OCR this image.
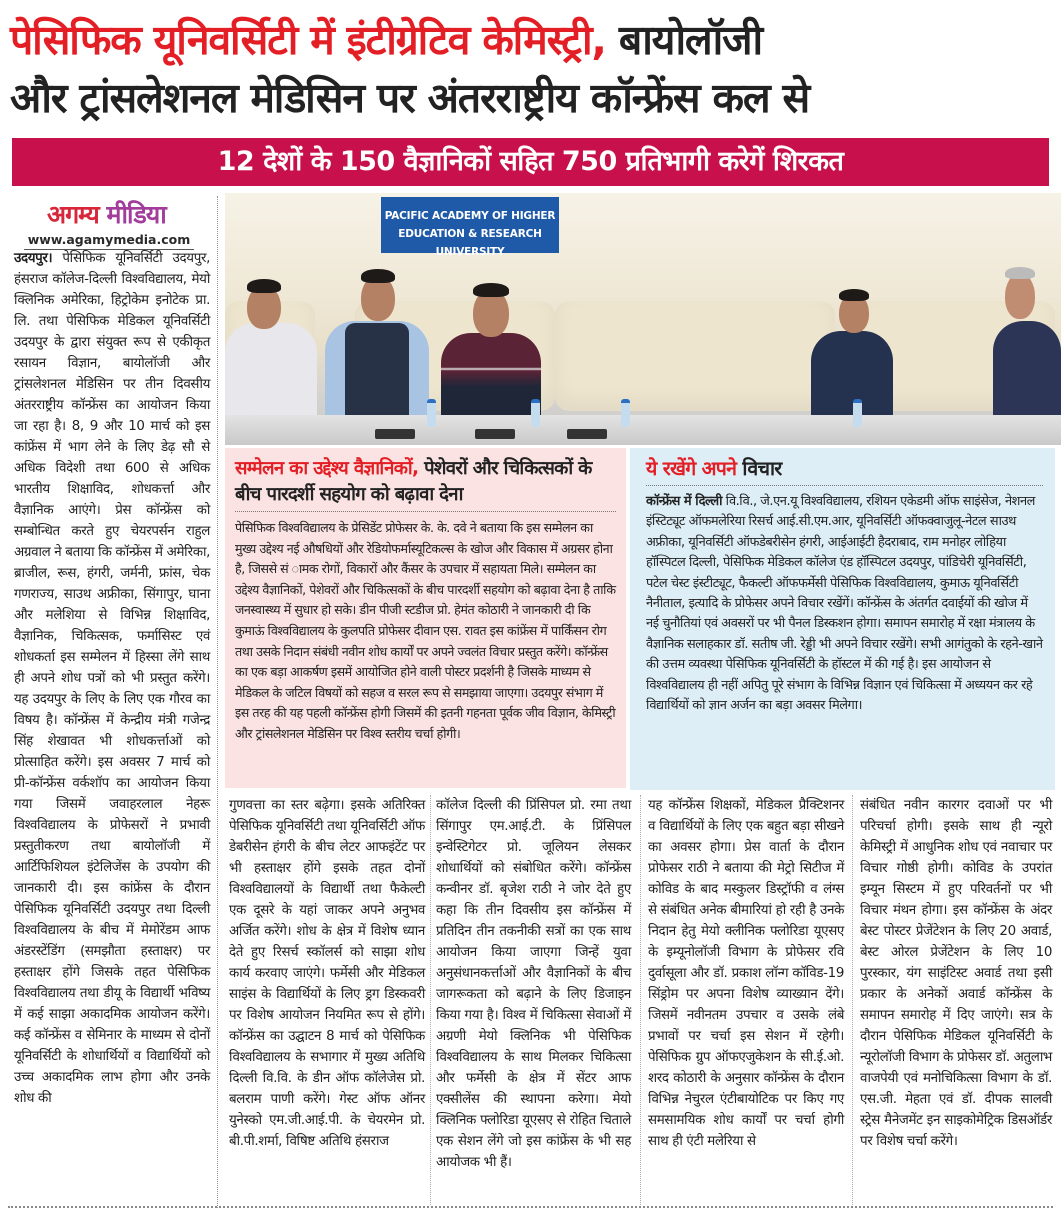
पेसिफिक यूनिवर्सिटी में इंटीग्रेटिव केमिस्ट्री, बायोलॉजी
और ट्रांसलेशनल मेडिसिन पर अंतरराष्ट्रीय कॉन्फ्रेंस कल से
12 देशों के 150 वैज्ञानिकों सहित 750 प्रतिभागी करेगें शिरकत
अगम्य मीडिया
www.agamymedia.com
उदयपुर। पेसिफिक यूनिवर्सिटी उदयपुर, हंसराज कॉलेज-दिल्ली विश्वविद्यालय, मेयो क्लिनिक अमेरिका, हिट्रोकेम इनोटेक प्रा. लि. तथा पेसिफिक मेडिकल यूनिवर्सिटी उदयपुर के द्वारा संयुक्त रूप से एकीकृत रसायन विज्ञान, बायोलॉजी और ट्रांसलेशनल मेडिसिन पर तीन दिवसीय अंतरराष्ट्रीय कॉन्फ्रेंस का आयोजन किया जा रहा है। 8, 9 और 10 मार्च को इस कांफ्रेंस में भाग लेने के लिए डेढ़ सौ से अधिक विदेशी तथा 600 से अधिक भारतीय शिक्षाविद, शोधकर्त्ता और वैज्ञानिक आएंगे। प्रेस कॉन्फ्रेंस को सम्बोन्धित करते हुए चेयरपर्सन राहुल अग्रवाल ने बताया कि कॉन्फ्रेंस में अमेरिका, ब्राजील, रूस, हंगरी, जर्मनी, फ्रांस, चेक गणराज्य, साउथ अफ्रीका, सिंगापुर, घाना और मलेशिया से विभिन्न शिक्षाविद, वैज्ञानिक, चिकित्सक, फर्मासिस्ट एवं शोधकर्ता इस सम्मेलन में हिस्सा लेंगे साथ ही अपने शोध पत्रों को भी प्रस्तुत करेंगे। यह उदयपुर के लिए के लिए एक गौरव का विषय है। कॉन्फ्रेंस में केन्द्रीय मंत्री गजेन्द्र सिंह शेखावत भी शोधकर्त्ताओं को प्रोत्साहित करेंगे। इस अवसर 7 मार्च को प्री-कॉन्फ्रेंस वर्कशॉप का आयोजन किया गया जिसमें जवाहरलाल नेहरू विश्वविद्यालय के प्रोफेसरों ने प्रभावी प्रस्तुतीकरण तथा बायोलॉजी में आर्टिफिशियल इंटेलिजेंस के उपयोग की जानकारी दी। इस कांफ्रेंस के दौरान पेसिफिक यूनिवर्सिटी उदयपुर तथा दिल्ली विश्वविद्यालय के बीच में मेमोरेंडम आफ अंडरस्टेंडिंग (समझौता हस्ताक्षर) पर हस्ताक्षर होंगे जिसके तहत पेसिफिक विश्वविद्यालय तथा डीयू के विद्यार्थी भविष्य में कई साझा अकादमिक आयोजन करेंगे। कई कॉन्फ्रेंस व सेमिनार के माध्यम से दोनों यूनिवर्सिटी के शोधार्थियों व विद्यार्थियों को उच्च अकादमिक लाभ होगा और उनके शोध की
PACIFIC ACADEMY OF HIGHER
EDUCATION & RESEARCH UNIVERSITY
सम्मेलन का उद्देश्य वैज्ञानिकों, पेशेवरों और चिकित्सकों के बीच पारदर्शी सहयोग को बढ़ावा देना
पेसिफिक विश्वविद्यालय के प्रेसिडेंट प्रोफेसर के. के. दवे ने बताया कि इस सम्मेलन का मुख्य उद्देश्य नई औषधियों और रेडियोफर्मास्यूटिकल्स के खोज और विकास में अग्रसर होना है, जिससे सं ामक रोगों, विकारों और कैंसर के उपचार में सहायता मिले। सम्मेलन का उद्देश्य वैज्ञानिकों, पेशेवरों और चिकित्सकों के बीच पारदर्शी सहयोग को बढ़ावा देना है ताकि जनस्वास्थ्य में सुधार हो सके। डीन पीजी स्टडीज प्रो. हेमंत कोठारी ने जानकारी दी कि कुमाऊं विश्वविद्यालय के कुलपति प्रोफेसर दीवान एस. रावत इस कांफ्रेंस में पार्किंसन रोग तथा उसके निदान संबंधी नवीन शोध कार्यों पर अपने ज्वलंत विचार प्रस्तुत करेंगे। कॉन्फ्रेंस का एक बड़ा आकर्षण इसमें आयोजित होने वाली पोस्टर प्रदर्शनी है जिसके माध्यम से मेडिकल के जटिल विषयों को सहज व सरल रूप से समझाया जाएगा। उदयपुर संभाग में इस तरह की यह पहली कॉन्फ्रेंस होगी जिसमें की इतनी गहनता पूर्वक जीव विज्ञान, केमिस्ट्री और ट्रांसलेशनल मेडिसिन पर विश्व स्तरीय चर्चा होगी।
ये रखेंगे अपने विचार
कॉन्फ्रेंस में दिल्ली वि.वि., जे.एन.यू विश्वविद्यालय, रशियन एकेडमी ऑफ साइंसेज, नेशनल इंस्टिट्यूट ऑफमलेरिया रिसर्च आई.सी.एम.आर, यूनिवर्सिटी ऑफक्वाजुलू-नेटल साउथ अफ्रीका, यूनिवर्सिटी ऑफडेबरीसेन हंगरी, आईआईटी हैदराबाद, राम मनोहर लोहिया हॉस्पिटल दिल्ली, पेसिफिक मेडिकल कॉलेज एंड हॉस्पिटल उदयपुर, पांडिचेरी यूनिवर्सिटी, पटेल चेस्ट इंस्टीट्यूट, फैकल्टी ऑफफर्मेसी पेसिफिक विश्वविद्यालय, कुमाऊ यूनिवर्सिटी नैनीताल, इत्यादि के प्रोफेसर अपने विचार रखेंगें। कॉन्फ्रेंस के अंतर्गत दवाईयों की खोज में नई चुनौतियां एवं अवसरों पर भी पैनल डिस्कशन होगा। समापन समारोह में रक्षा मंत्रालय के वैज्ञानिक सलाहकार डॉ. सतीष जी. रेड्डी भी अपने विचार रखेंगे। सभी आगंतुको के रहने-खाने की उत्तम व्यवस्था पेसिफिक यूनिवर्सिटी के हॉस्टल में की गई है। इस आयोजन से विश्वविद्यालय ही नहीं अपितु पूरे संभाग के विभिन्न विज्ञान एवं चिकित्सा में अध्ययन कर रहे विद्यार्थियों को ज्ञान अर्जन का बड़ा अवसर मिलेगा।
गुणवत्ता का स्तर बढ़ेगा। इसके अतिरिक्त पेसिफिक यूनिवर्सिटी तथा यूनिवर्सिटी ऑफ डेबरीसेन हंगरी के बीच लेटर आफइंटेंट पर भी हस्ताक्षर होंगे इसके तहत दोनों विश्वविद्यालयों के विद्यार्थी तथा फैकेल्टी एक दूसरे के यहां जाकर अपने अनुभव अर्जित करेंगे। शोध के क्षेत्र में विशेष ध्यान देते हुए रिसर्च स्कॉलर्स को साझा शोध कार्य करवाए जाएंगे। फर्मेसी और मेडिकल साइंस के विद्यार्थियों के लिए ड्रग डिस्कवरी पर विशेष आयोजन नियमित रूप से होंगे। कॉन्फ्रेंस का उद्घाटन 8 मार्च को पेसिफिक विश्वविद्यालय के सभागार में मुख्य अतिथि दिल्ली वि.वि. के डीन ऑफ कॉलेजेस प्रो. बलराम पाणी करेंगे। गेस्ट ऑफ ऑनर युनेस्को एम.जी.आई.पी. के चेयरमेन प्रो. बी.पी.शर्मा, विषिष्ट अतिथि हंसराज
कॉलेज दिल्ली की प्रिंसिपल प्रो. रमा तथा सिंगापुर एम.आई.टी. के प्रिंसिपल इन्वेस्टिगेटर प्रो. जूलियन लेसकर शोधार्थियों को संबोधित करेंगे। कॉन्फ्रेंस कन्वीनर डॉ. बृजेश राठी ने जोर देते हुए कहा कि तीन दिवसीय इस कॉन्फ्रेंस में प्रतिदिन तीन तकनीकी सत्रों का एक साथ आयोजन किया जाएगा जिन्हें युवा अनुसंधानकर्त्ताओं और वैज्ञानिकों के बीच जागरूकता को बढ़ाने के लिए डिजाइन किया गया है। विश्व में चिकित्सा सेवाओं में अग्रणी मेयो क्लिनिक भी पेसिफिक विश्वविद्यालय के साथ मिलकर चिकित्सा और फर्मेसी के क्षेत्र में सेंटर आफ एक्सीलेंस की स्थापना करेगा। मेयो क्लिनिक फ्लोरिडा यूएसए से रोहित चिताले एक सेशन लेंगे जो इस कांफ्रेंस के भी सह आयोजक भी हैं।
यह कॉन्फ्रेंस शिक्षकों, मेडिकल प्रैक्टिशनर व विद्यार्थियों के लिए एक बहुत बड़ा सीखने का अवसर होगा। प्रेस वार्ता के दौरान प्रोफेसर राठी ने बताया की मेट्रो सिटीज में कोविड के बाद मस्कुलर डिस्ट्रॉफी व लंग्स से संबंधित अनेक बीमारियां हो रही है उनके निदान हेतु मेयो क्लीनिक फ्लोरिडा यूएसए के इम्यूनोलॉजी विभाग के प्रोफेसर रवि दुर्वासूला और डॉ. प्रकाश लॉन्ग कॉविड-19 सिंड्रोम पर अपना विशेष व्याख्यान देंगे। जिसमें नवीनतम उपचार व उसके लंबे प्रभावों पर चर्चा इस सेशन में रहेगी।पेसिफिक ग्रुप ऑफएजुकेशन के सी.ई.ओ. शरद कोठारी के अनुसार कॉन्फ्रेंस के दौरान विभिन्न नेचुरल एंटीबायोटिक पर किए गए समसामयिक शोध कार्यों पर चर्चा होगी साथ ही एंटी मलेरिया से
संबंधित नवीन कारगर दवाओं पर भी परिचर्चा होगी। इसके साथ ही न्यूरो केमिस्ट्री में आधुनिक शोध एवं नवाचार पर विचार गोष्ठी होगी। कोविड के उपरांत इम्यून सिस्टम में हुए परिवर्तनों पर भी विचार मंथन होगा। इस कॉन्फ्रेंस के अंदर बेस्ट पोस्टर प्रेजेंटेशन के लिए 20 अवार्ड, बेस्ट ओरल प्रेजेंटेशन के लिए 10 पुरस्कार, यंग साइंटिस्ट अवार्ड तथा इसी प्रकार के अनेकों अवार्ड कॉन्फ्रेंस के समापन समारोह में दिए जाएंगे। सत्र के दौरान पेसिफिक मेडिकल यूनिवर्सिटी के न्यूरोलॉजी विभाग के प्रोफेसर डॉ. अतुलाभ वाजपेयी एवं मनोचिकित्सा विभाग के डॉ. एस.जी. मेहता एवं डॉ. दीपक सालवी स्ट्रेस मैनेजमेंट इन साइकोमेट्रिक डिसऑर्डर पर विशेष चर्चा करेंगे।
